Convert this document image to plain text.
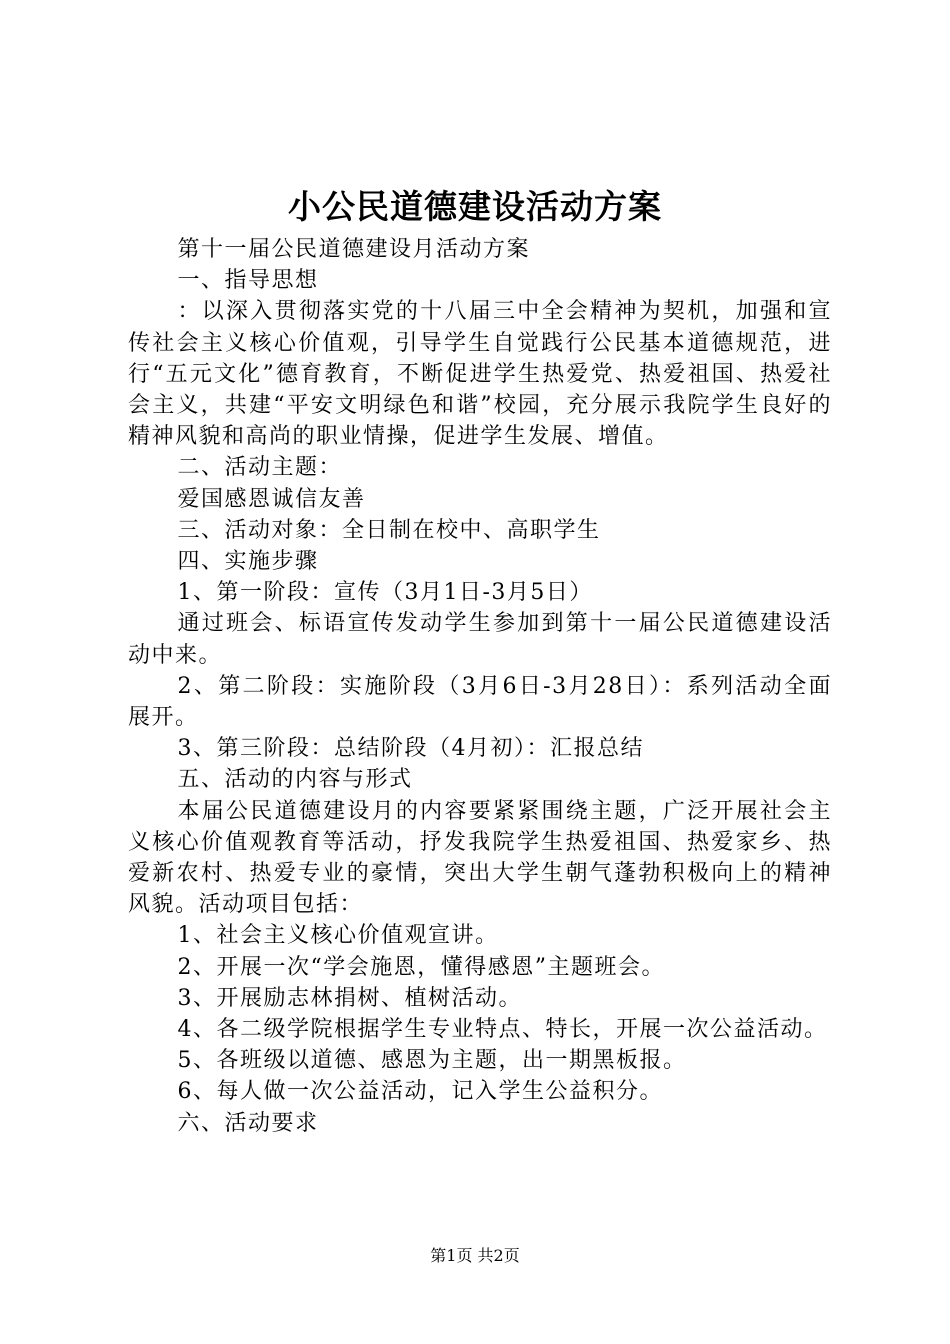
小公民道德建设活动方案

第十一届公民道德建设月活动方案

一、指导思想

：以深入贯彻落实党的十八届三中全会精神为契机，加强和宣传社会主义核心价值观，引导学生自觉践行公民基本道德规范，进行“五元文化”德育教育，不断促进学生热爱党、热爱祖国、热爱社会主义，共建“平安文明绿色和谐”校园，充分展示我院学生良好的精神风貌和高尚的职业情操，促进学生发展、增值。

二、活动主题：

爱国感恩诚信友善

三、活动对象：全日制在校中、高职学生

四、实施步骤

1、第一阶段：宣传（3月1日-3月5日）

通过班会、标语宣传发动学生参加到第十一届公民道德建设活动中来。

2、第二阶段：实施阶段（3月6日-3月28日）：系列活动全面展开。

3、第三阶段：总结阶段（4月初）：汇报总结

五、活动的内容与形式

本届公民道德建设月的内容要紧紧围绕主题，广泛开展社会主义核心价值观教育等活动，抒发我院学生热爱祖国、热爱家乡、热爱新农村、热爱专业的豪情，突出大学生朝气蓬勃积极向上的精神风貌。活动项目包括：

1、社会主义核心价值观宣讲。

2、开展一次“学会施恩，懂得感恩”主题班会。

3、开展励志林捐树、植树活动。

4、各二级学院根据学生专业特点、特长，开展一次公益活动。

5、各班级以道德、感恩为主题，出一期黑板报。

6、每人做一次公益活动，记入学生公益积分。

六、活动要求

第1页 共2页
